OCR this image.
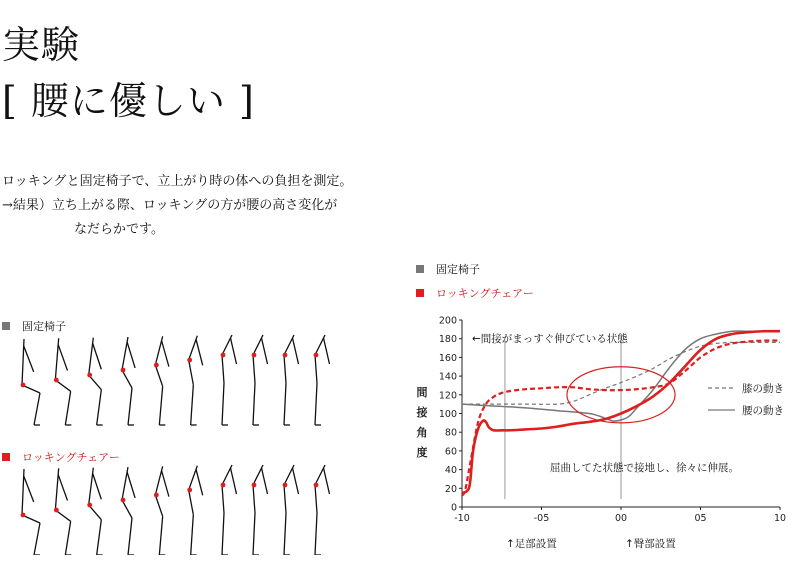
実験
[ 腰に優しい ]
ロッキングと固定椅子で、立上がり時の体への負担を測定。
→結果）立ち上がる際、ロッキングの方が腰の高さ変化が
なだらかです。
固定椅子
ロッキングチェアー
固定椅子
ロッキングチェアー
0
20
40
60
80
100
120
140
160
180
200
-10	-05	00	05	10
間
接
角
度
←間接がまっすぐ伸びている状態
屈曲してた状態で接地し、徐々に伸展。
↑足部設置	↑臀部設置
膝の動き
腰の動き
